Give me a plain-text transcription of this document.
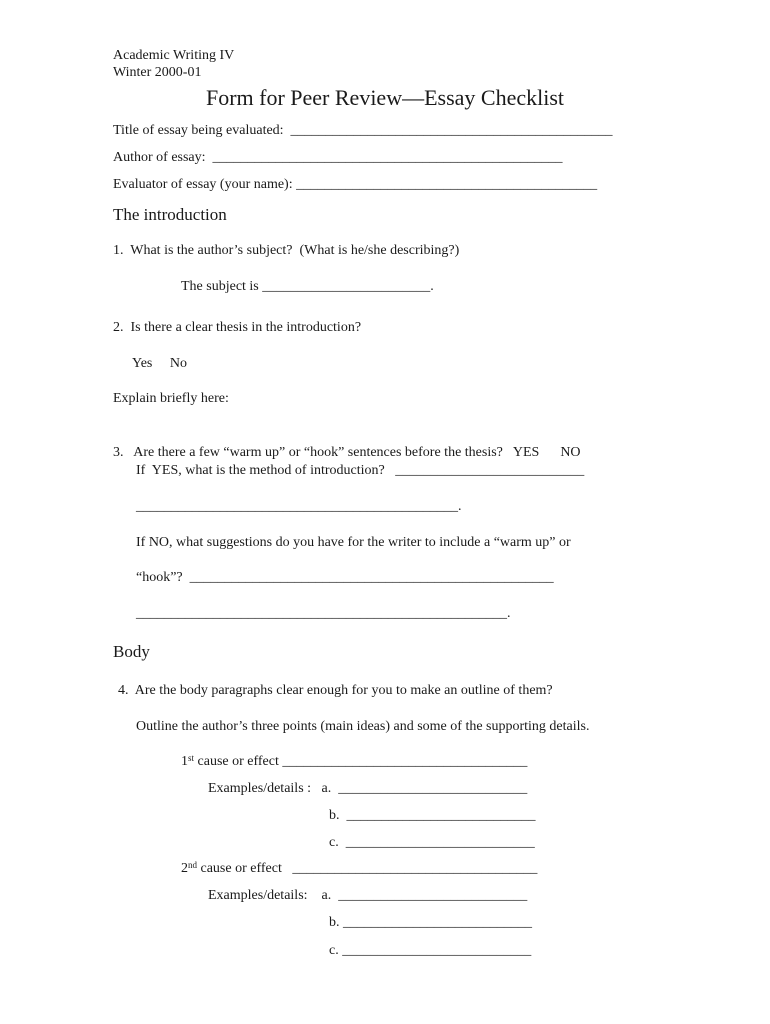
Academic Writing IV
Winter 2000-01
Form for Peer Review—Essay Checklist
Title of essay being evaluated:  ______________________________________________
Author of essay:  __________________________________________________
Evaluator of essay (your name): ___________________________________________
The introduction
1.  What is the author’s subject?  (What is he/she describing?)
The subject is ________________________.
2.  Is there a clear thesis in the introduction?
Yes     No
Explain briefly here:
3.   Are there a few “warm up” or “hook” sentences before the thesis?   YES      NO
If  YES, what is the method of introduction?   ___________________________
______________________________________________.
If NO, what suggestions do you have for the writer to include a “warm up” or
“hook”?  ____________________________________________________
_____________________________________________________.
Body
4.  Are the body paragraphs clear enough for you to make an outline of them?
Outline the author’s three points (main ideas) and some of the supporting details.
1st cause or effect ___________________________________
Examples/details :   a.  ___________________________
b.  ___________________________
c.  ___________________________
2nd cause or effect   ___________________________________
Examples/details:    a.  ___________________________
b. ___________________________
c. ___________________________
